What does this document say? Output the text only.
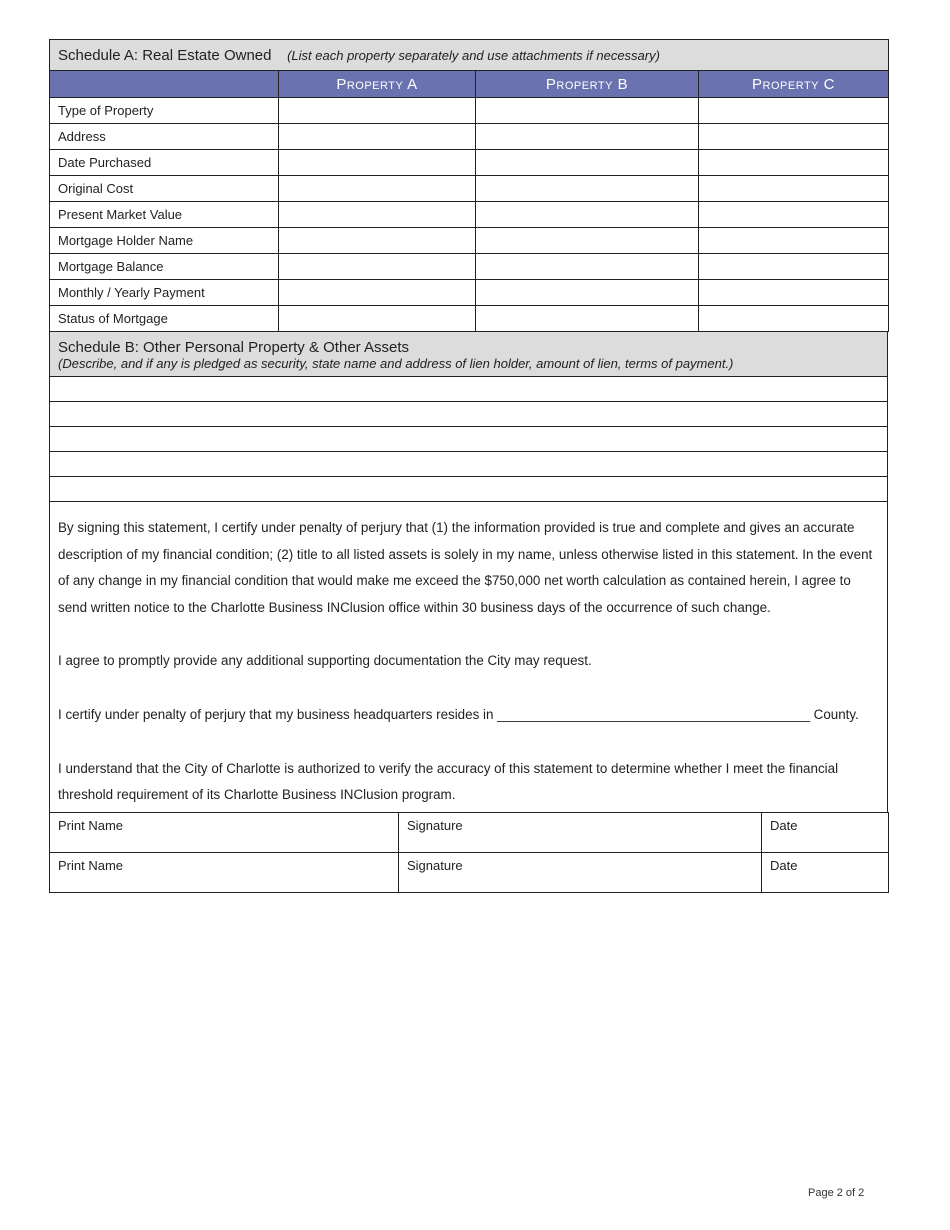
Schedule A: Real Estate Owned (List each property separately and use attachments if necessary)			
	Property A	Property B	Property C
Type of Property			
Address			
Date Purchased			
Original Cost			
Present Market Value			
Mortgage Holder Name			
Mortgage Balance			
Monthly / Yearly Payment			
Status of Mortgage			
Schedule B: Other Personal Property & Other Assets
(Describe, and if any is pledged as security, state name and address of lien holder, amount of lien, terms of payment.)

By signing this statement, I certify under penalty of perjury that (1) the information provided is true and complete and gives an accurate description of my financial condition; (2) title to all listed assets is solely in my name, unless otherwise listed in this statement. In the event of any change in my financial condition that would make me exceed the $750,000 net worth calculation as contained herein, I agree to send written notice to the Charlotte Business INClusion office within 30 business days of the occurrence of such change.

I agree to promptly provide any additional supporting documentation the City may request.

I certify under penalty of perjury that my business headquarters resides in __________________________________________ County.

I understand that the City of Charlotte is authorized to verify the accuracy of this statement to determine whether I meet the financial threshold requirement of its Charlotte Business INClusion program.

Print Name	Signature	Date
Print Name	Signature	Date
Page 2 of 2
